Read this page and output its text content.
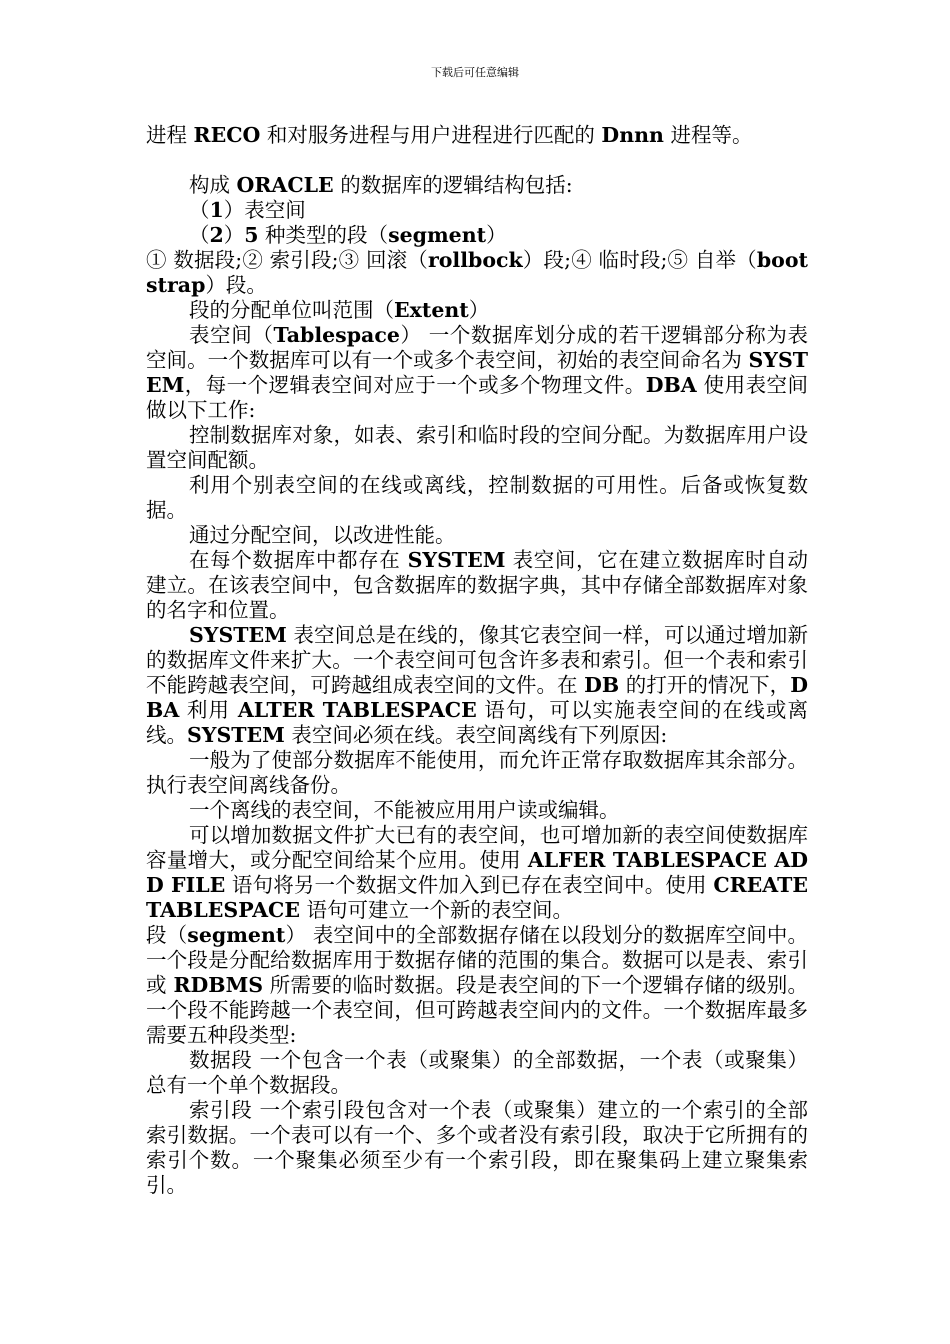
下载后可任意编辑

进程 RECO 和对服务进程与用户进程进行匹配的 Dnnn 进程等。

构成 ORACLE 的数据库的逻辑结构包括:

（1）表空间

（2）5 种类型的段（segment）

① 数据段;② 索引段;③ 回滚（rollbock）段;④ 临时段;⑤ 自举（bootstrap）段。

段的分配单位叫范围（Extent）

表空间（Tablespace） 一个数据库划分成的若干逻辑部分称为表空间。一个数据库可以有一个或多个表空间，初始的表空间命名为 SYSTEM，每一个逻辑表空间对应于一个或多个物理文件。DBA 使用表空间做以下工作:

控制数据库对象，如表、索引和临时段的空间分配。为数据库用户设置空间配额。

利用个别表空间的在线或离线，控制数据的可用性。后备或恢复数据。

通过分配空间，以改进性能。

在每个数据库中都存在 SYSTEM 表空间，它在建立数据库时自动建立。在该表空间中，包含数据库的数据字典，其中存储全部数据库对象的名字和位置。

SYSTEM 表空间总是在线的，像其它表空间一样，可以通过增加新的数据库文件来扩大。一个表空间可包含许多表和索引。但一个表和索引不能跨越表空间，可跨越组成表空间的文件。在 DB 的打开的情况下，DBA 利用 ALTER TABLESPACE 语句，可以实施表空间的在线或离线。SYSTEM 表空间必须在线。表空间离线有下列原因:

一般为了使部分数据库不能使用，而允许正常存取数据库其余部分。执行表空间离线备份。

一个离线的表空间，不能被应用用户读或编辑。

可以增加数据文件扩大已有的表空间，也可增加新的表空间使数据库容量增大，或分配空间给某个应用。使用 ALFER TABLESPACE ADD FILE 语句将另一个数据文件加入到已存在表空间中。使用 CREATE TABLESPACE 语句可建立一个新的表空间。

段（segment） 表空间中的全部数据存储在以段划分的数据库空间中。一个段是分配给数据库用于数据存储的范围的集合。数据可以是表、索引或 RDBMS 所需要的临时数据。段是表空间的下一个逻辑存储的级别。一个段不能跨越一个表空间，但可跨越表空间内的文件。一个数据库最多需要五种段类型:

数据段 一个包含一个表（或聚集）的全部数据，一个表（或聚集）总有一个单个数据段。

索引段 一个索引段包含对一个表（或聚集）建立的一个索引的全部索引数据。一个表可以有一个、多个或者没有索引段，取决于它所拥有的索引个数。一个聚集必须至少有一个索引段，即在聚集码上建立聚集索引。
